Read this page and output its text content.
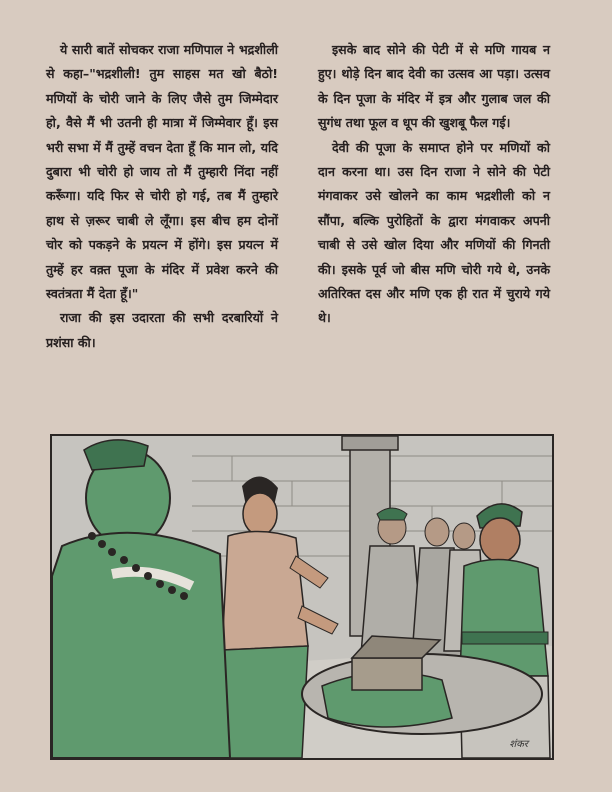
ये सारी बातें सोचकर राजा मणिपाल ने भद्रशीली से कहा–"भद्रशीली! तुम साहस मत खो बैठो! मणियों के चोरी जाने के लिए जैसे तुम जिम्मेदार हो, वैसे मैं भी उतनी ही मात्रा में जिम्मेवार हूँ। इस भरी सभा में मैं तुम्हें वचन देता हूँ कि मान लो, यदि दुबारा भी चोरी हो जाय तो मैं तुम्हारी निंदा नहीं करूँगा। यदि फिर से चोरी हो गई, तब मैं तुम्हारे हाथ से ज़रूर चाबी ले लूँगा। इस बीच हम दोनों चोर को पकड़ने के प्रयत्न में होंगे। इस प्रयत्न में तुम्हें हर वक़्त पूजा के मंदिर में प्रवेश करने की स्वतंत्रता मैं देता हूँ।"

राजा की इस उदारता की सभी दरबारियों ने प्रशंसा की।

इसके बाद सोने की पेटी में से मणि गायब न हुए। थोड़े दिन बाद देवी का उत्सव आ पड़ा। उत्सव के दिन पूजा के मंदिर में इत्र और गुलाब जल की सुगंध तथा फूल व धूप की खुशबू फैल गई।

देवी की पूजा के समाप्त होने पर मणियों को दान करना था। उस दिन राजा ने सोने की पेटी मंगवाकर उसे खोलने का काम भद्रशीली को न सौंपा, बल्कि पुरोहितों के द्वारा मंगवाकर अपनी चाबी से उसे खोल दिया और मणियों की गिनती की। इसके पूर्व जो बीस मणि चोरी गये थे, उनके अतिरिक्त दस और मणि एक ही रात में चुराये गये थे।

शंकर
